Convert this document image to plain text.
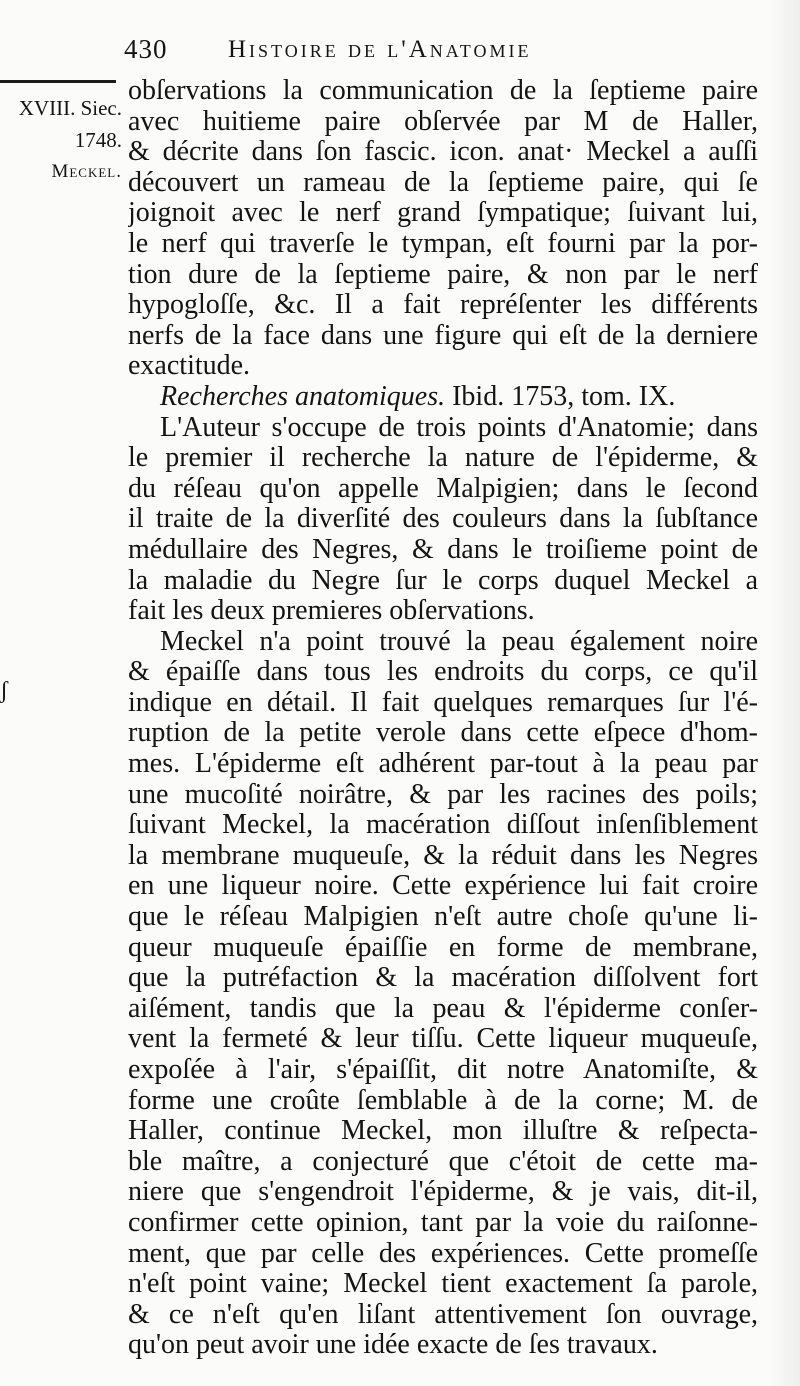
430 Histoire de l'Anatomie
XVIII. Siec.
1748.
Meckel.
ʃ
obſervations la communication de la ſeptieme paire
avec huitieme paire obſervée par M de Haller,
& décrite dans ſon fascic. icon. anat· Meckel a auſſi
découvert un rameau de la ſeptieme paire, qui ſe
joignoit avec le nerf grand ſympatique; ſuivant lui,
le nerf qui traverſe le tympan, eſt fourni par la por-
tion dure de la ſeptieme paire, & non par le nerf
hypogloſſe, &c. Il a fait repréſenter les différents
nerfs de la face dans une figure qui eſt de la derniere
exactitude.
Recherches anatomiques. Ibid. 1753, tom. IX.
L'Auteur s'occupe de trois points d'Anatomie; dans
le premier il recherche la nature de l'épiderme, &
du réſeau qu'on appelle Malpigien; dans le ſecond
il traite de la diverſité des couleurs dans la ſubſtance
médullaire des Negres, & dans le troiſieme point de
la maladie du Negre ſur le corps duquel Meckel a
fait les deux premieres obſervations.
Meckel n'a point trouvé la peau également noire
& épaiſſe dans tous les endroits du corps, ce qu'il
indique en détail. Il fait quelques remarques ſur l'é-
ruption de la petite verole dans cette eſpece d'hom-
mes. L'épiderme eſt adhérent par-tout à la peau par
une mucoſité noirâtre, & par les racines des poils;
ſuivant Meckel, la macération diſſout inſenſiblement
la membrane muqueuſe, & la réduit dans les Negres
en une liqueur noire. Cette expérience lui fait croire
que le réſeau Malpigien n'eſt autre choſe qu'une li-
queur muqueuſe épaiſſie en forme de membrane,
que la putréfaction & la macération diſſolvent fort
aiſément, tandis que la peau & l'épiderme conſer-
vent la fermeté & leur tiſſu. Cette liqueur muqueuſe,
expoſée à l'air, s'épaiſſit, dit notre Anatomiſte, &
forme une croûte ſemblable à de la corne; M. de
Haller, continue Meckel, mon illuſtre & reſpecta-
ble maître, a conjecturé que c'étoit de cette ma-
niere que s'engendroit l'épiderme, & je vais, dit-il,
confirmer cette opinion, tant par la voie du raiſonne-
ment, que par celle des expériences. Cette promeſſe
n'eſt point vaine; Meckel tient exactement ſa parole,
& ce n'eſt qu'en liſant attentivement ſon ouvrage,
qu'on peut avoir une idée exacte de ſes travaux.
